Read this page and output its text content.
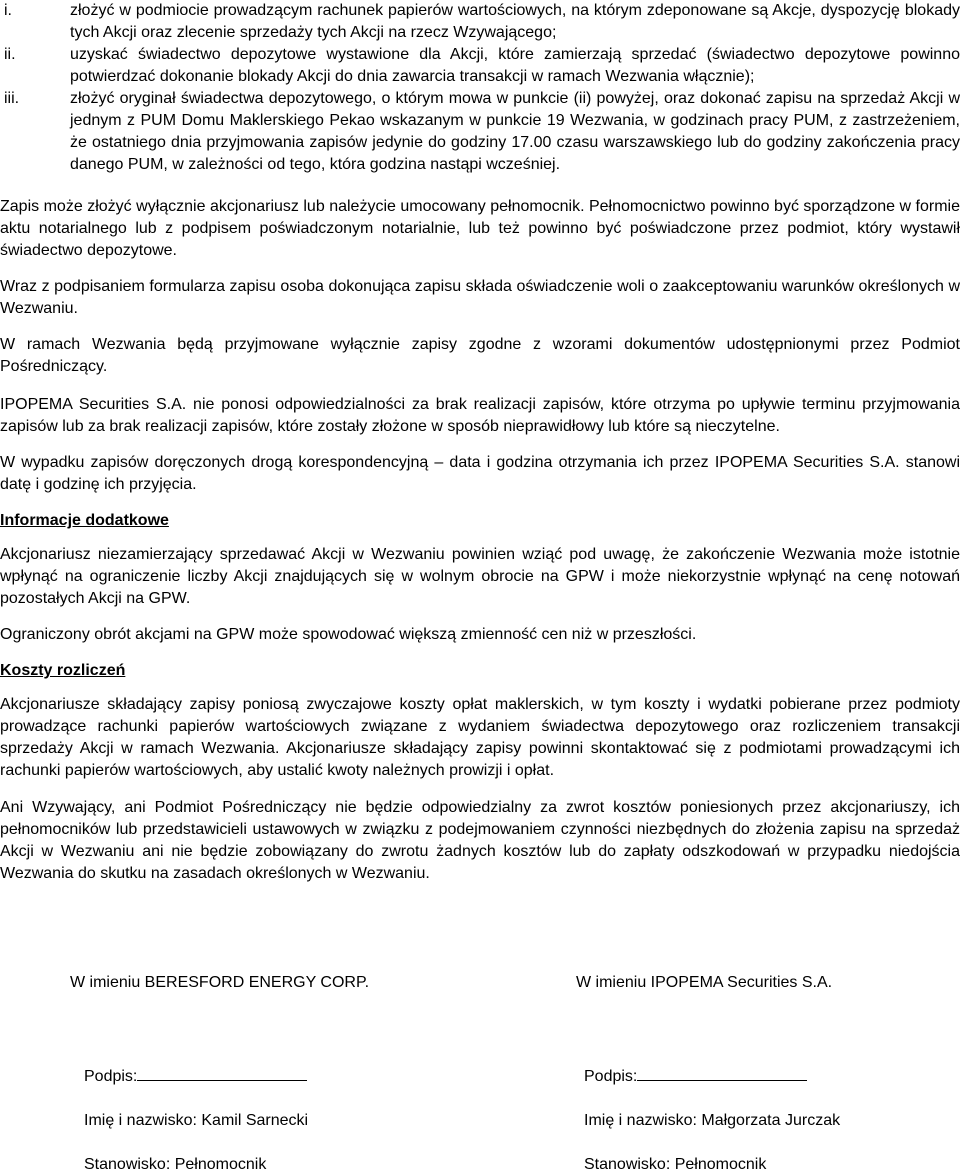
i.	złożyć w podmiocie prowadzącym rachunek papierów wartościowych, na którym zdeponowane są Akcje, dyspozycję blokady tych Akcji oraz zlecenie sprzedaży tych Akcji na rzecz Wzywającego;
ii.	uzyskać świadectwo depozytowe wystawione dla Akcji, które zamierzają sprzedać (świadectwo depozytowe powinno potwierdzać dokonanie blokady Akcji do dnia zawarcia transakcji w ramach Wezwania włącznie);
iii.	złożyć oryginał świadectwa depozytowego, o którym mowa w punkcie (ii) powyżej, oraz dokonać zapisu na sprzedaż Akcji w jednym z PUM Domu Maklerskiego Pekao wskazanym w punkcie 19 Wezwania, w godzinach pracy PUM, z zastrzeżeniem, że ostatniego dnia przyjmowania zapisów jedynie do godziny 17.00 czasu warszawskiego lub do godziny zakończenia pracy danego PUM, w zależności od tego, która godzina nastąpi wcześniej.
Zapis może złożyć wyłącznie akcjonariusz lub należycie umocowany pełnomocnik. Pełnomocnictwo powinno być sporządzone w formie aktu notarialnego lub z podpisem poświadczonym notarialnie, lub też powinno być poświadczone przez podmiot, który wystawił świadectwo depozytowe.
Wraz z podpisaniem formularza zapisu osoba dokonująca zapisu składa oświadczenie woli o zaakceptowaniu warunków określonych w Wezwaniu.
W ramach Wezwania będą przyjmowane wyłącznie zapisy zgodne z wzorami dokumentów udostępnionymi przez Podmiot Pośredniczący.
IPOPEMA Securities S.A. nie ponosi odpowiedzialności za brak realizacji zapisów, które otrzyma po upływie terminu przyjmowania zapisów lub za brak realizacji zapisów, które zostały złożone w sposób nieprawidłowy lub które są nieczytelne.
W wypadku zapisów doręczonych drogą korespondencyjną – data i godzina otrzymania ich przez IPOPEMA Securities S.A. stanowi datę i godzinę ich przyjęcia.
Informacje dodatkowe
Akcjonariusz niezamierzający sprzedawać Akcji w Wezwaniu powinien wziąć pod uwagę, że zakończenie Wezwania może istotnie wpłynąć na ograniczenie liczby Akcji znajdujących się w wolnym obrocie na GPW i może niekorzystnie wpłynąć na cenę notowań pozostałych Akcji na GPW.
Ograniczony obrót akcjami na GPW może spowodować większą zmienność cen niż w przeszłości.
Koszty rozliczeń
Akcjonariusze składający zapisy poniosą zwyczajowe koszty opłat maklerskich, w tym koszty i wydatki pobierane przez podmioty prowadzące rachunki papierów wartościowych związane z wydaniem świadectwa depozytowego oraz rozliczeniem transakcji sprzedaży Akcji w ramach Wezwania. Akcjonariusze składający zapisy powinni skontaktować się z podmiotami prowadzącymi ich rachunki papierów wartościowych, aby ustalić kwoty należnych prowizji i opłat.
Ani Wzywający, ani Podmiot Pośredniczący nie będzie odpowiedzialny za zwrot kosztów poniesionych przez akcjonariuszy, ich pełnomocników lub przedstawicieli ustawowych w związku z podejmowaniem czynności niezbędnych do złożenia zapisu na sprzedaż Akcji w Wezwaniu ani nie będzie zobowiązany do zwrotu żadnych kosztów lub do zapłaty odszkodowań w przypadku niedojścia Wezwania do skutku na zasadach określonych w Wezwaniu.
W imieniu BERESFORD ENERGY CORP.	W imieniu IPOPEMA Securities S.A.
Podpis:	Podpis:
Imię i nazwisko: Kamil Sarnecki	Imię i nazwisko: Małgorzata Jurczak
Stanowisko: Pełnomocnik	Stanowisko: Pełnomocnik
